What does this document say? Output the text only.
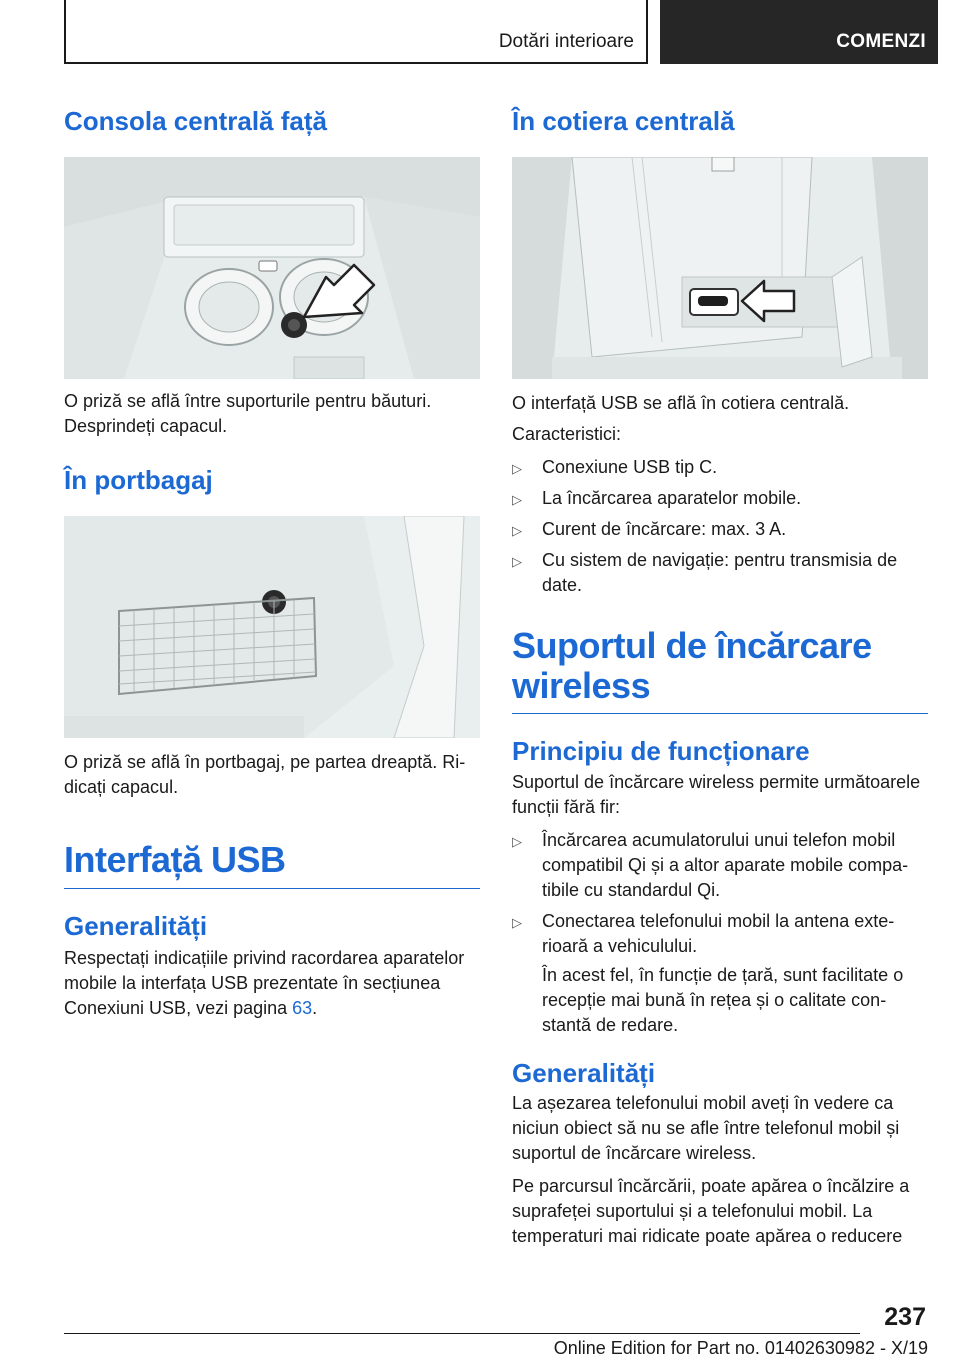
Dotări interioare	COMENZI
Consola centrală față

O priză se află între suporturile pentru băuturi. Desprindeți capacul.

În portbagaj

O priză se află în portbagaj, pe partea dreaptă. Ri-
dicați capacul.

Interfață USB
Generalități

Respectați indicațiile privind racordarea aparatelor mobile la interfața USB prezentate în secțiunea Conexiuni USB, vezi pagina 63.

În cotiera centrală

O interfață USB se află în cotiera centrală.

Caracteristici:

▷ Conexiune USB tip C.
▷ La încărcarea aparatelor mobile.
▷ Curent de încărcare: max. 3 A.
▷ Cu sistem de navigație: pentru transmisia de date.
Suportul de încărcare wireless
Principiu de funcționare

Suportul de încărcare wireless permite următoarele funcții fără fir:

▷ Încărcarea acumulatorului unui telefon mobil compatibil Qi și a altor aparate mobile compatibile cu standardul Qi.
▷ Conectarea telefonului mobil la antena exterioară a vehiculului.

În acest fel, în funcție de țară, sunt facilitate o recepție mai bună în rețea și o calitate constantă de redare.

Generalități

La așezarea telefonului mobil aveți în vedere ca niciun obiect să nu se afle între telefonul mobil și suportul de încărcare wireless.

Pe parcursul încărcării, poate apărea o încălzire a suprafeței suportului și a telefonului mobil. La temperaturi mai ridicate poate apărea o reducere

237
Online Edition for Part no. 01402630982 - X/19
